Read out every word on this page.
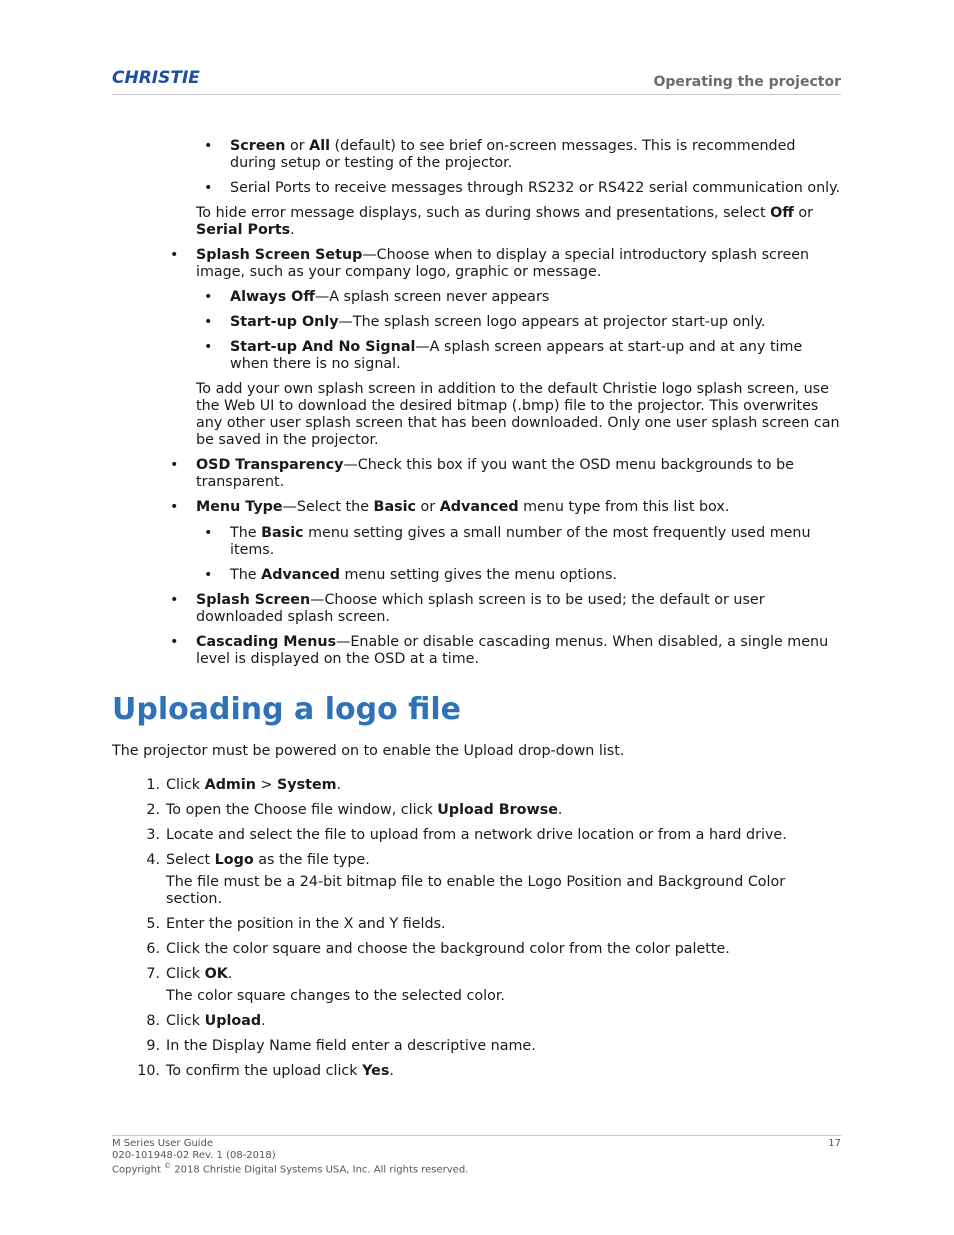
CHRISTIE	Operating the projector
• Screen or All (default) to see brief on-screen messages. This is recommended during setup or testing of the projector.
• Serial Ports to receive messages through RS232 or RS422 serial communication only.

To hide error message displays, such as during shows and presentations, select Off or Serial Ports.

• Splash Screen Setup—Choose when to display a special introductory splash screen image, such as your company logo, graphic or message.
• Always Off—A splash screen never appears
• Start-up Only—The splash screen logo appears at projector start-up only.
• Start-up And No Signal—A splash screen appears at start-up and at any time when there is no signal.

To add your own splash screen in addition to the default Christie logo splash screen, use the Web UI to download the desired bitmap (.bmp) file to the projector. This overwrites any other user splash screen that has been downloaded. Only one user splash screen can be saved in the projector.

• OSD Transparency—Check this box if you want the OSD menu backgrounds to be transparent.
• Menu Type—Select the Basic or Advanced menu type from this list box.
• The Basic menu setting gives a small number of the most frequently used menu items.
• The Advanced menu setting gives the menu options.
• Splash Screen—Choose which splash screen is to be used; the default or user downloaded splash screen.
• Cascading Menus—Enable or disable cascading menus. When disabled, a single menu level is displayed on the OSD at a time.
Uploading a logo file

The projector must be powered on to enable the Upload drop-down list.

1. Click Admin > System.
2. To open the Choose file window, click Upload Browse.
3. Locate and select the file to upload from a network drive location or from a hard drive.
4. Select Logo as the file type.
The file must be a 24-bit bitmap file to enable the Logo Position and Background Color section.
5. Enter the position in the X and Y fields.
6. Click the color square and choose the background color from the color palette.
7. Click OK.
The color square changes to the selected color.
8. Click Upload.
9. In the Display Name field enter a descriptive name.
10. To confirm the upload click Yes.
M Series User Guide
020-101948-02 Rev. 1 (08-2018)
Copyright © 2018 Christie Digital Systems USA, Inc. All rights reserved.
17
